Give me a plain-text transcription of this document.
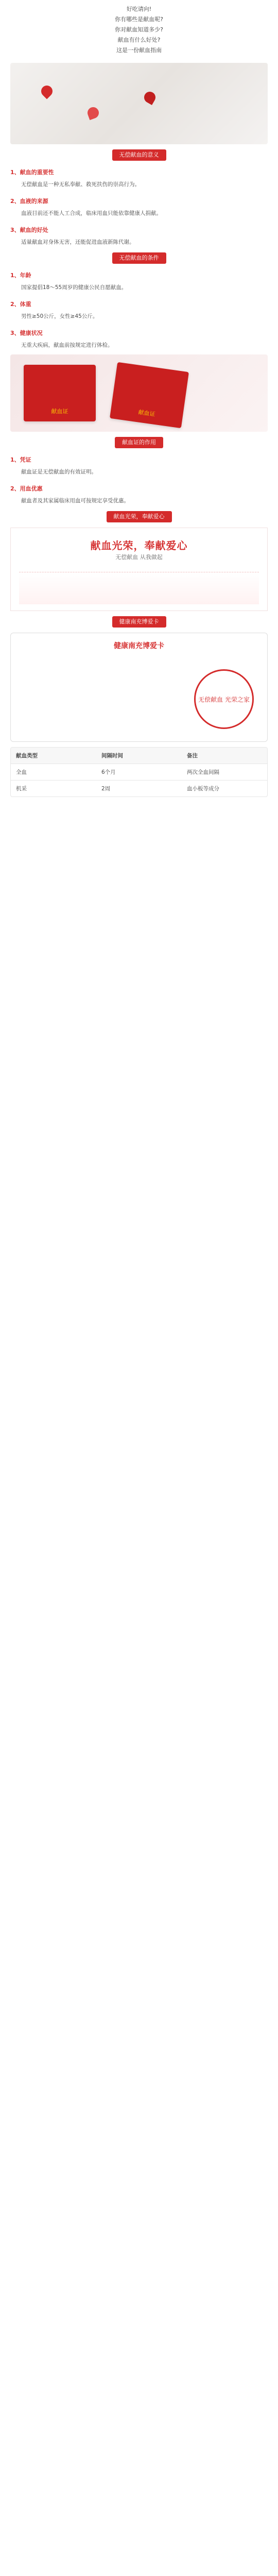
好吃请向!

你有哪些是献血呢?

你对献血知道多少?

献血有什么好处?

这是一份献血指南

无偿献血的意义
1、献血的重要性

无偿献血是一种无私奉献、救死扶伤的崇高行为。

2、血液的来源

血液目前还不能人工合成，临床用血只能依靠健康人捐献。

3、献血的好处

适量献血对身体无害，还能促进血液新陈代谢。

无偿献血的条件
1、年龄

国家提倡18～55周岁的健康公民自愿献血。

2、体重

男性≥50公斤，女性≥45公斤。

3、健康状况

无重大疾病，献血前按规定进行体检。

献血证	献血证
献血证的作用
1、凭证

献血证是无偿献血的有效证明。

2、用血优惠

献血者及其家属临床用血可按规定享受优惠。

献血光荣，奉献爱心
献血光荣，奉献爱心
无偿献血 从我做起
健康南充博爱卡
健康南充博爱卡
无偿献血 光荣之家
献血类型	间隔时间	备注
全血	6个月	两次全血间隔
机采	2周	血小板等成分
